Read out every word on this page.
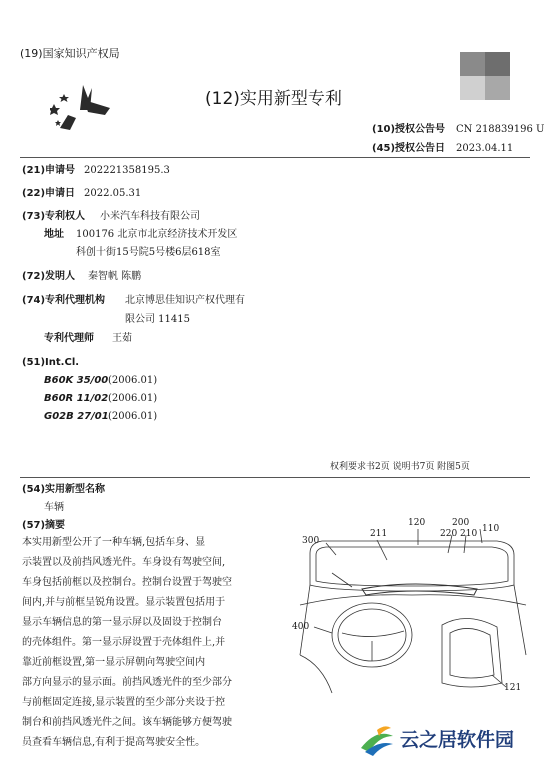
(19)国家知识产权局
(12)实用新型专利
(10)授权公告号 CN 218839196 U
(45)授权公告日 2023.04.11
(21)申请号 202221358195.3
(22)申请日 2022.05.31
(73)专利权人 小米汽车科技有限公司
地址 100176 北京市北京经济技术开发区
科创十街15号院5号楼6层618室
(72)发明人 秦智帆 陈鹏
(74)专利代理机构 北京博思佳知识产权代理有
限公司 11415
专利代理师 王茹
(51)Int.Cl.
B60K 35/00 (2006.01)
B60R 11/02 (2006.01)
G02B 27/01 (2006.01)
权利要求书2页 说明书7页 附图5页
(54)实用新型名称
车辆
(57)摘要
本实用新型公开了一种车辆,包括车身、显
示装置以及前挡风透光件。车身设有驾驶空间,
车身包括前框以及控制台。控制台设置于驾驶空
间内,并与前框呈锐角设置。显示装置包括用于
显示车辆信息的第一显示屏以及固设于控制台
的壳体组件。第一显示屏设置于壳体组件上,并
靠近前框设置,第一显示屏朝向驾驶空间内
部方向显示的显示面。前挡风透光件的至少部分
与前框固定连接,显示装置的至少部分夹设于控
制台和前挡风透光件之间。该车辆能够方便驾驶
员查看车辆信息,有利于提高驾驶安全性。
200
120
211	220 210 110
300
400
121
云之居软件园
